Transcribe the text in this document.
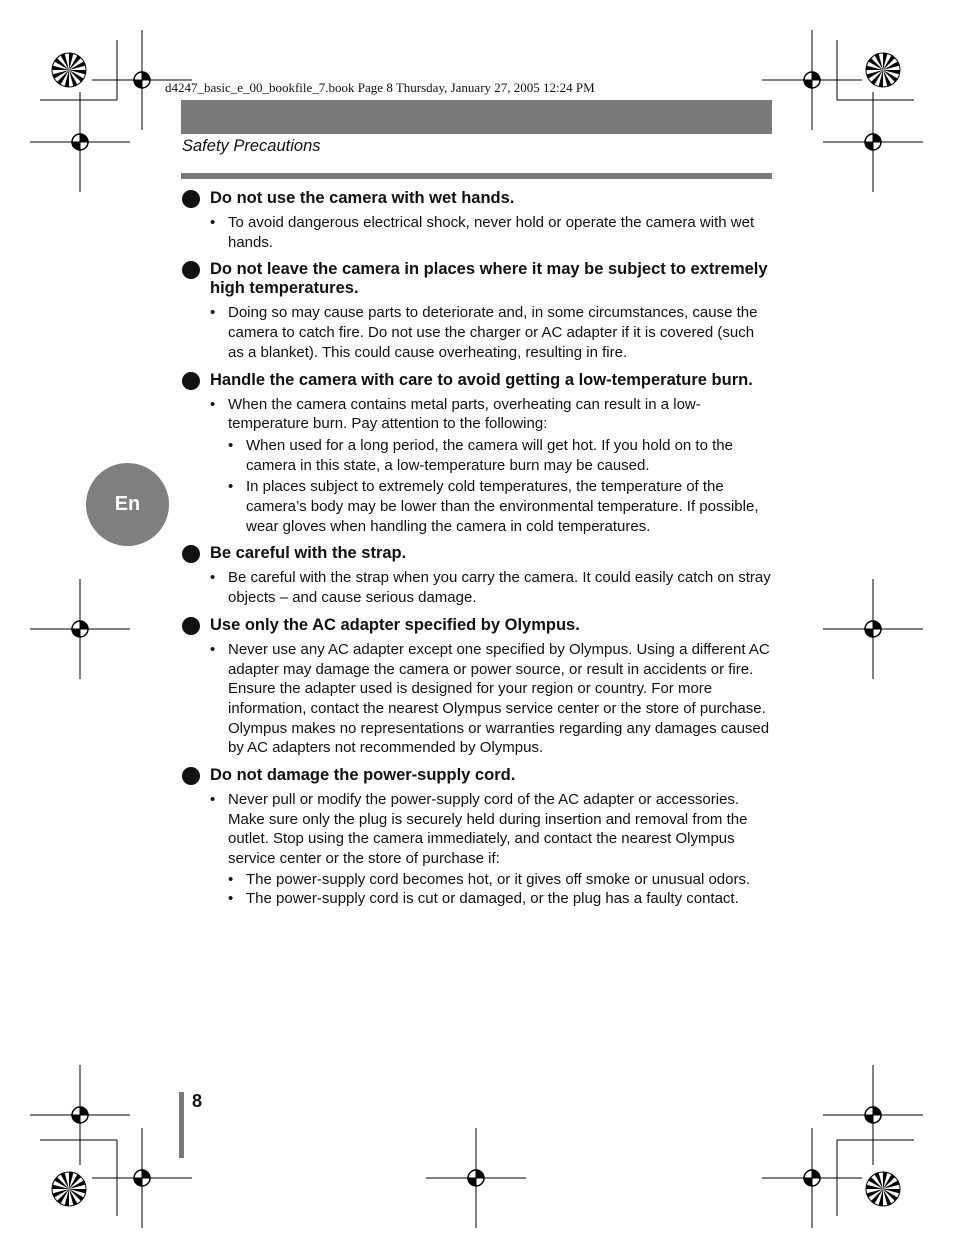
d4247_basic_e_00_bookfile_7.book Page 8 Thursday, January 27, 2005 12:24 PM
Safety Precautions
En
Do not use the camera with wet hands.
• To avoid dangerous electrical shock, never hold or operate the camera with wet hands.
Do not leave the camera in places where it may be subject to extremely high temperatures.
• Doing so may cause parts to deteriorate and, in some circumstances, cause the camera to catch fire. Do not use the charger or AC adapter if it is covered (such as a blanket). This could cause overheating, resulting in fire.
Handle the camera with care to avoid getting a low-temperature burn.
• When the camera contains metal parts, overheating can result in a low-temperature burn. Pay attention to the following:
• When used for a long period, the camera will get hot. If you hold on to the camera in this state, a low-temperature burn may be caused.
• In places subject to extremely cold temperatures, the temperature of the camera’s body may be lower than the environmental temperature. If possible, wear gloves when handling the camera in cold temperatures.
Be careful with the strap.
• Be careful with the strap when you carry the camera. It could easily catch on stray objects – and cause serious damage.
Use only the AC adapter specified by Olympus.
• Never use any AC adapter except one specified by Olympus. Using a different AC adapter may damage the camera or power source, or result in accidents or fire. Ensure the adapter used is designed for your region or country. For more information, contact the nearest Olympus service center or the store of purchase. Olympus makes no representations or warranties regarding any damages caused by AC adapters not recommended by Olympus.
Do not damage the power-supply cord.
• Never pull or modify the power-supply cord of the AC adapter or accessories. Make sure only the plug is securely held during insertion and removal from the outlet. Stop using the camera immediately, and contact the nearest Olympus service center or the store of purchase if:
• The power-supply cord becomes hot, or it gives off smoke or unusual odors.
• The power-supply cord is cut or damaged, or the plug has a faulty contact.
8
